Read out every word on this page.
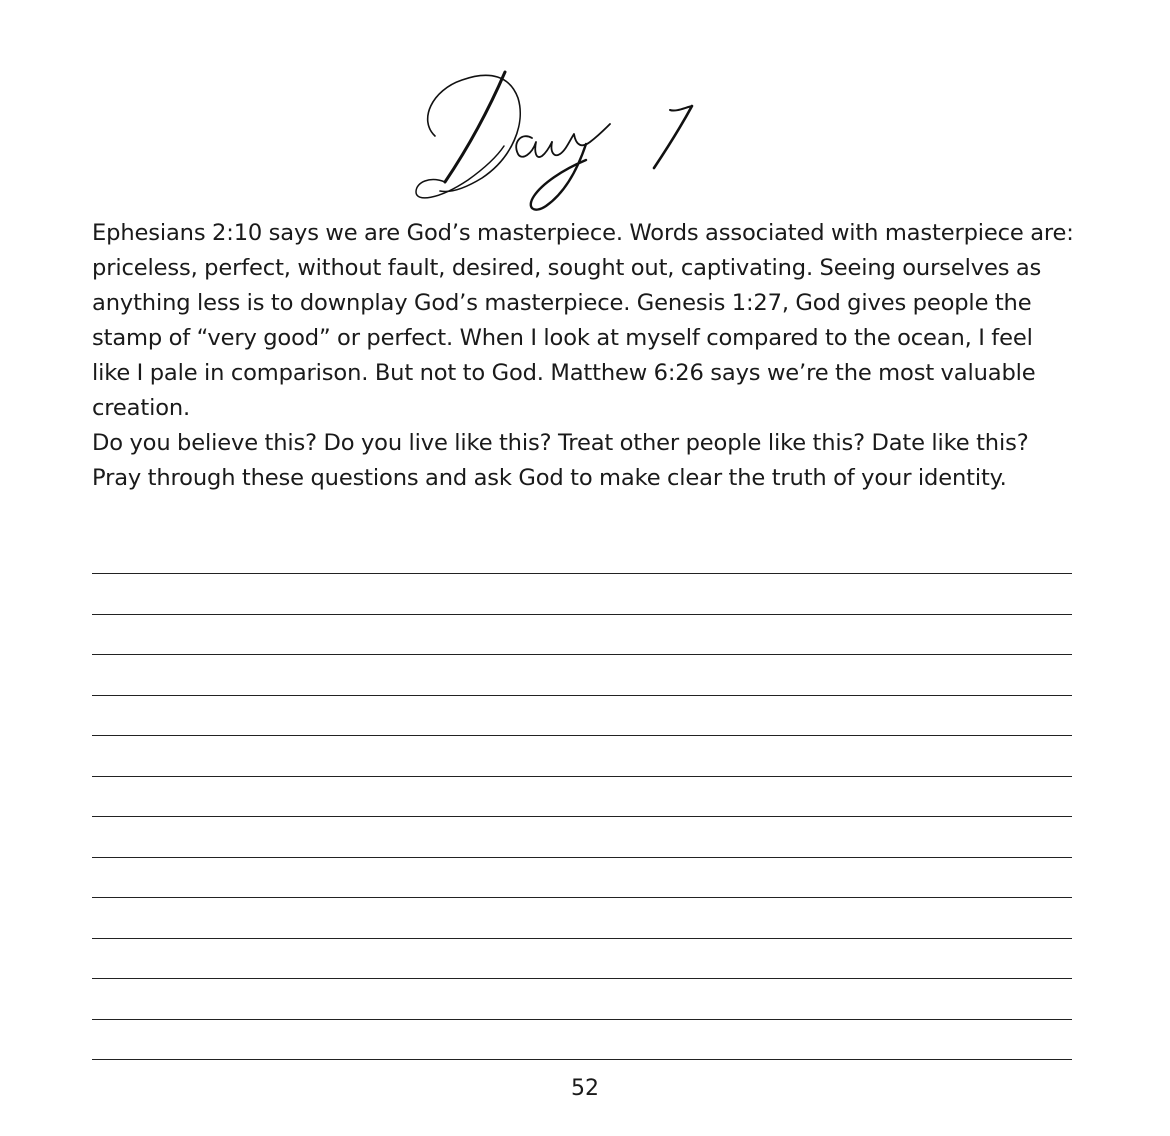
Ephesians 2:10 says we are God’s masterpiece. Words associated with masterpiece are: priceless, perfect, without fault, desired, sought out, captivating. Seeing ourselves as anything less is to downplay God’s masterpiece. Genesis 1:27, God gives people the stamp of “very good” or perfect. When I look at myself compared to the ocean, I feel like I pale in comparison. But not to God. Matthew 6:26 says we’re the most valuable creation.

Do you believe this? Do you live like this? Treat other people like this? Date like this? Pray through these questions and ask God to make clear the truth of your identity.

52
